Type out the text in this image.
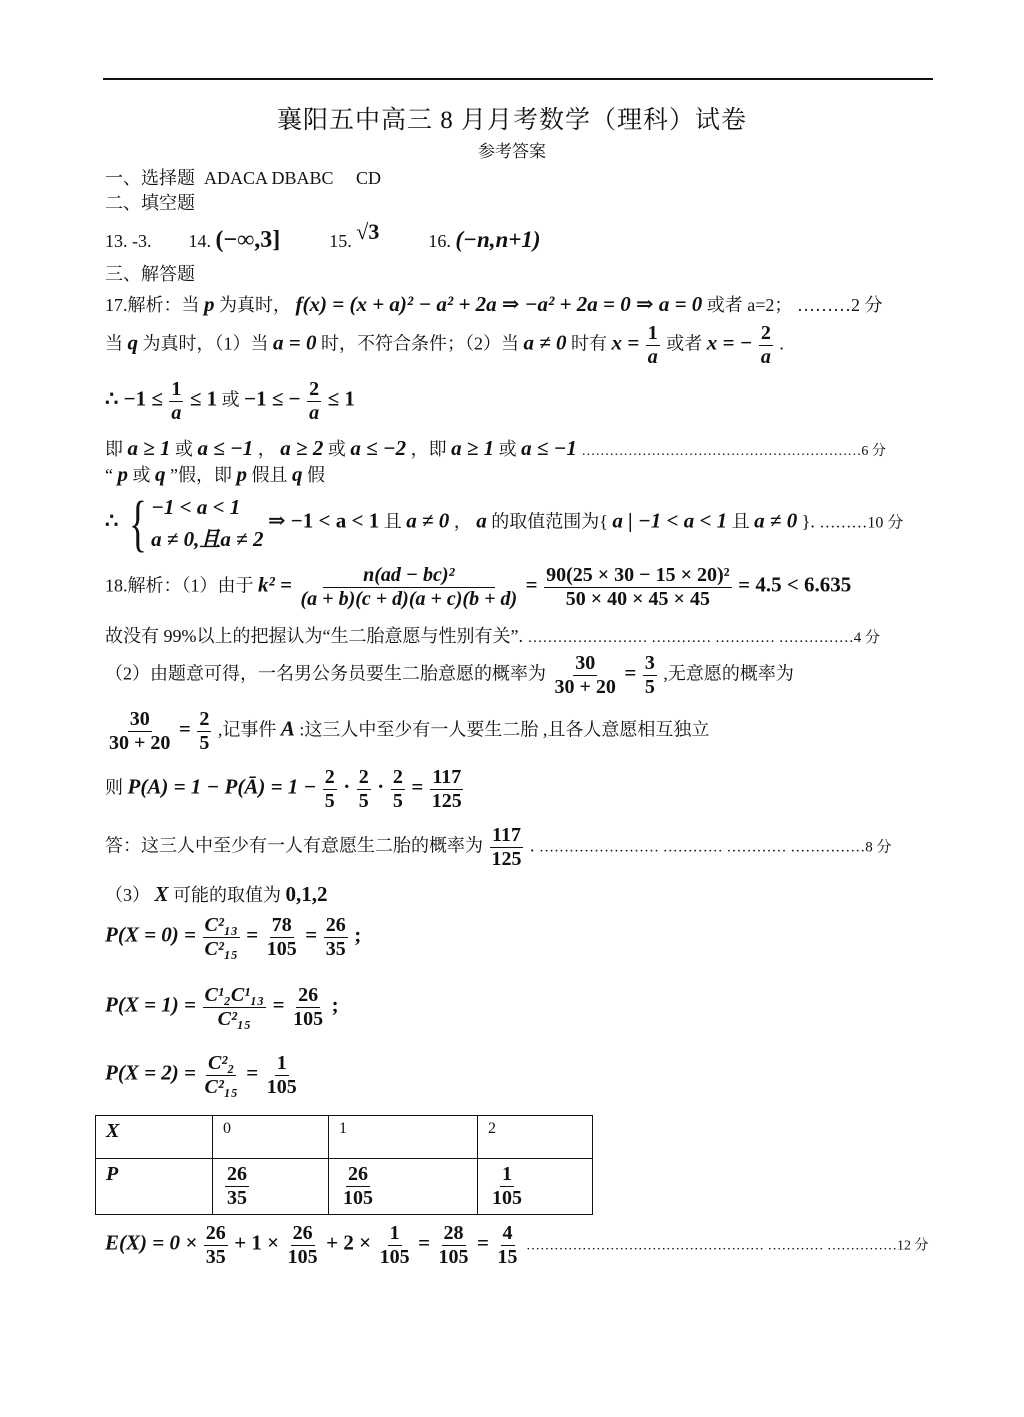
襄阳五中高三 8 月月考数学（理科）试卷
参考答案
一、选择题 ADACA DBABC CD
二、填空题
13. -3. 14. (−∞,3]	15. √3	16. (−n,n+1)
三、解答题
17.解析：当 p 为真时， f(x) = (x + a)² − a² + 2a ⇒ −a² + 2a = 0 ⇒ a = 0 或者 a=2； ………2 分
当 q 为真时，（1）当 a = 0 时，不符合条件；（2）当 a ≠ 0 时有 $x = \frac{1}{a}$ 或者 x = − $\frac{2}{a}$ .
∴ $-1 \le \frac{1}{a} \le 1$ 或 −1 ≤ − $\frac{2}{a} \le 1$
即 a ≥ 1 或 a ≤ −1 ， a ≥ 2 或 a ≤ −2 ，即 a ≥ 1 或 a ≤ −1 ……………………………………………………6 分
“ p 或 q ”假，即 p 假且 q 假
∴ { −1 < a < 1
a ≠ 0,且a ≠ 2
⇒ −1 < a < 1 且 a ≠ 0 ， a 的取值范围为{ a | −1 < a < 1 且 a ≠ 0 }. ………10 分
18.解析：（1）由于 $k^2 = \frac{\text{n(ad − bc)²}}{(a + b)(c + d)(a + c)(b + d)} = \frac{\text{90(25 × 30 − 15 × 20)²}}{50 \times 40 \times 45 \times 45} = 4.5 < 6.635$
故没有 99%以上的把握认为“生二胎意愿与性别有关”. …………………… ………… ………… ……………4 分
（2）由题意可得，一名男公务员要生二胎意愿的概率为 $\frac{30}{30 + 20} = \frac{3}{5}$ ,无意愿的概率为
$\frac{30}{30 + 20} = \frac{2}{5}$ ,记事件 A :这三人中至少有一人要生二胎 ,且各人意愿相互独立
则 P(A) = 1 − P(Ā) = $1 - \frac{2}{5} \cdot \frac{2}{5} \cdot \frac{2}{5} = \frac{117}{125}$
答：这三人中至少有一人有意愿生二胎的概率为 $\frac{117}{125}$ . …………………… ………… ………… ……………8 分
（3） X 可能的取值为 0,1,2
$P(X = 0) = \frac{\text{C²₁₃}}{\text{C²₁₅}} = \frac{78}{105} = \frac{26}{35}$ ;
$P(X = 1) = \frac{\text{C¹₂C¹₁₃}}{\text{C²₁₅}} = \frac{26}{105}$ ;
$P(X = 2) = \frac{\text{C²₂}}{\text{C²₁₅}} = \frac{1}{105}$
X	0	1	2
P	$\frac{26}{35}$	$\frac{26}{105}$	$\frac{1}{105}$
$E(X) = 0 \times \frac{26}{35} + 1 \times \frac{26}{105} + 2 \times \frac{1}{105} = \frac{28}{105} = \frac{4}{15}$ …………………………………………… ………… ……………12 分
